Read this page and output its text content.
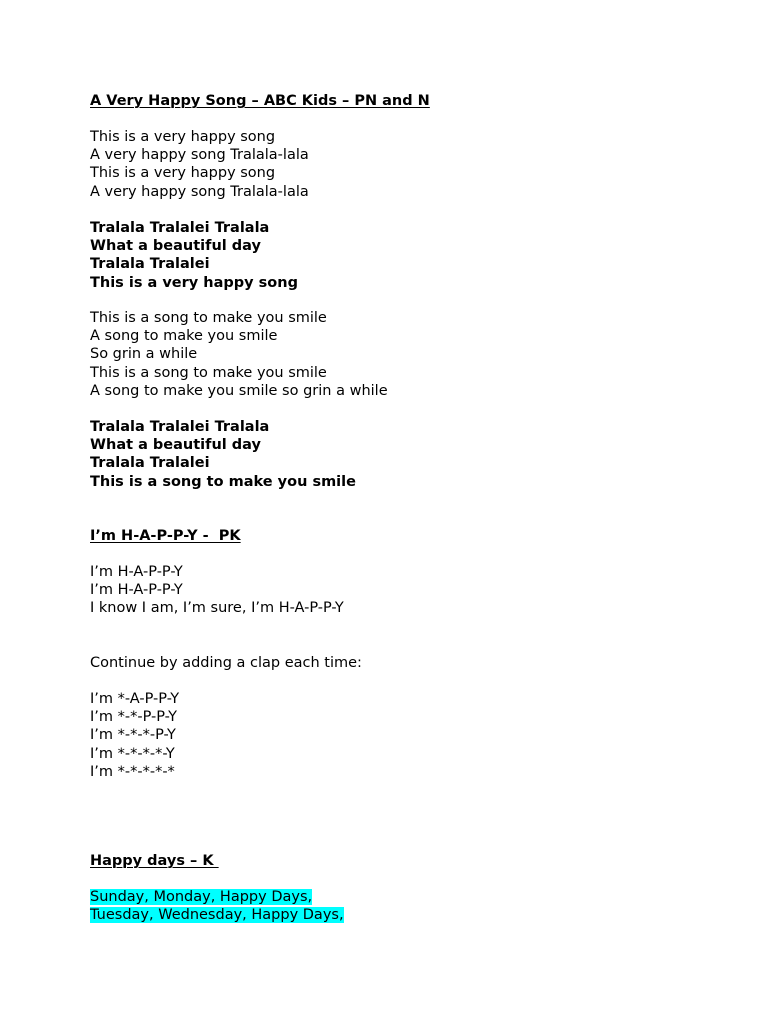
A Very Happy Song – ABC Kids – PN and N
This is a very happy song
A very happy song Tralala-lala
This is a very happy song
A very happy song Tralala-lala
Tralala Tralalei Tralala
What a beautiful day
Tralala Tralalei
This is a very happy song
This is a song to make you smile
A song to make you smile
So grin a while
This is a song to make you smile
A song to make you smile so grin a while
Tralala Tralalei Tralala
What a beautiful day
Tralala Tralalei
This is a song to make you smile
I’m H-A-P-P-Y -  PK
I’m H-A-P-P-Y
I’m H-A-P-P-Y
I know I am, I’m sure, I’m H-A-P-P-Y
Continue by adding a clap each time:
I’m *-A-P-P-Y
I’m *-*-P-P-Y
I’m *-*-*-P-Y
I’m *-*-*-*-Y
I’m *-*-*-*-*
Happy days – K
Sunday, Monday, Happy Days,
Tuesday, Wednesday, Happy Days,
